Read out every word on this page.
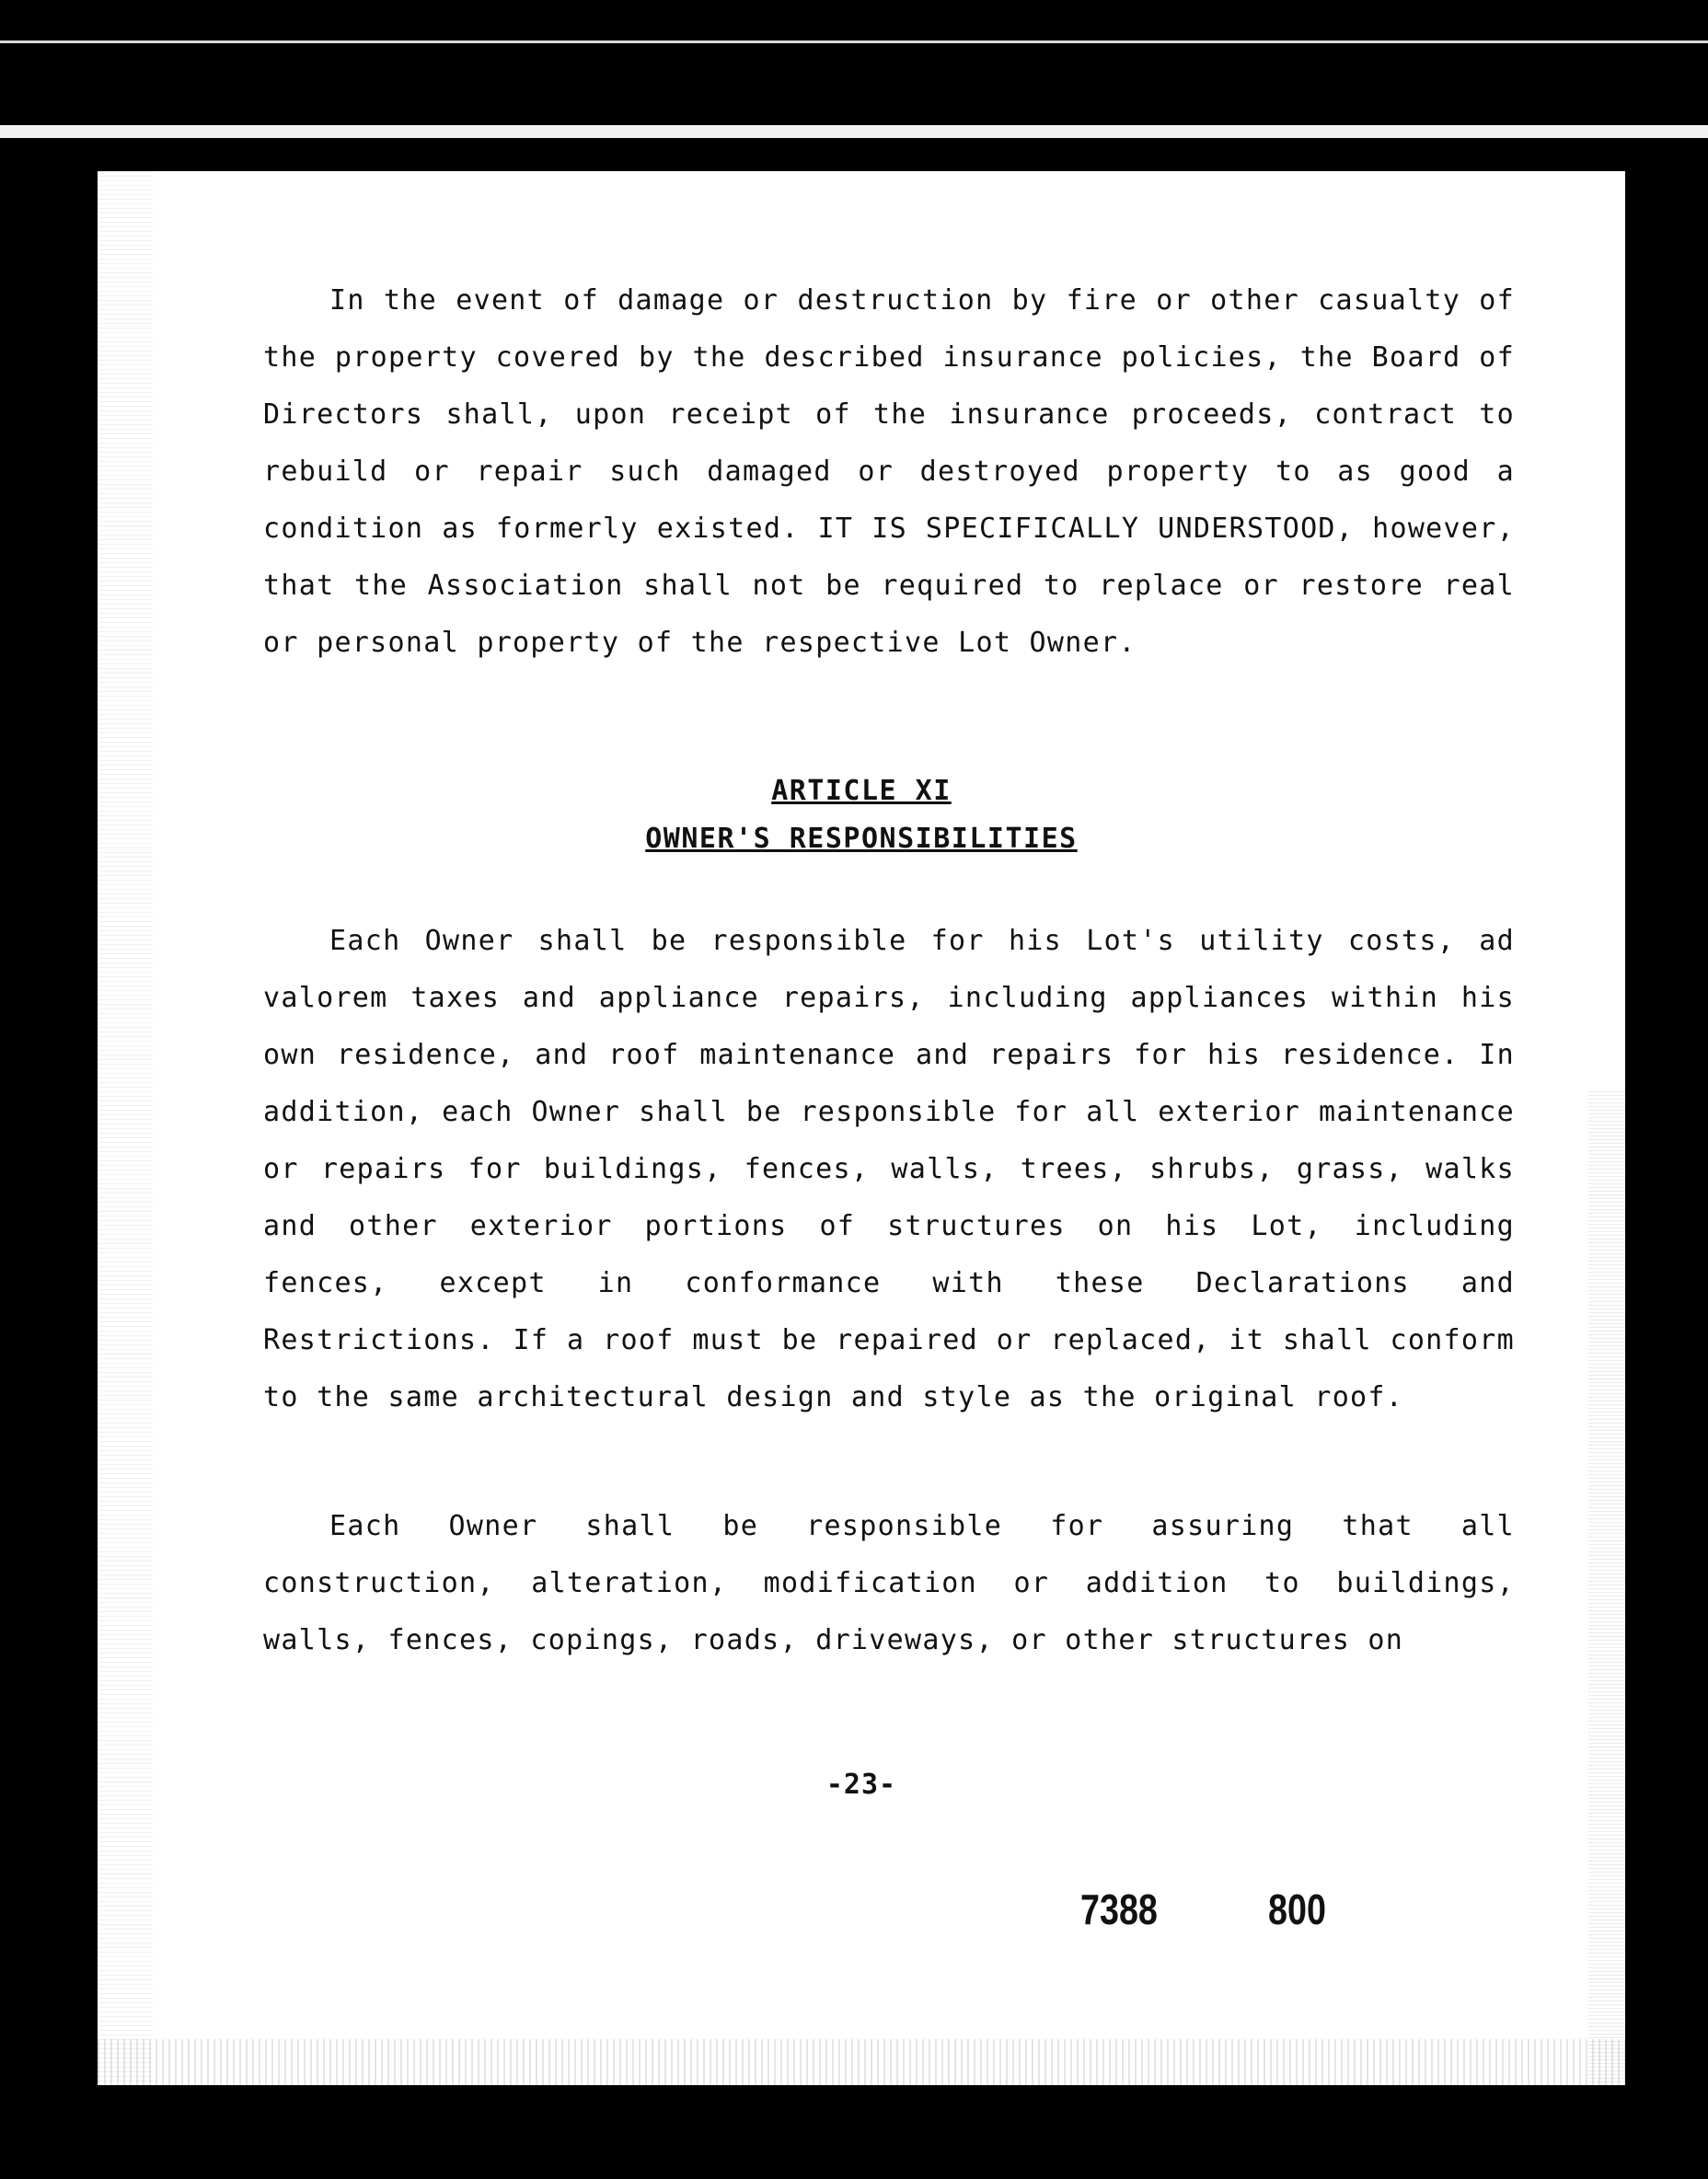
In the event of damage or destruction by fire or other casualty of the property covered by the described insurance policies, the Board of Directors shall, upon receipt of the insurance proceeds, contract to rebuild or repair such damaged or destroyed property to as good a condition as formerly existed. IT IS SPECIFICALLY UNDERSTOOD, however, that the Association shall not be required to replace or restore real or personal property of the respective Lot Owner.

ARTICLE XI
OWNER'S RESPONSIBILITIES

Each Owner shall be responsible for his Lot's utility costs, ad valorem taxes and appliance repairs, including appliances within his own residence, and roof maintenance and repairs for his residence. In addition, each Owner shall be responsible for all exterior maintenance or repairs for buildings, fences, walls, trees, shrubs, grass, walks and other exterior portions of structures on his Lot, including fences, except in conformance with these Declarations and Restrictions. If a roof must be repaired or replaced, it shall conform to the same architectural design and style as the original roof.

Each Owner shall be responsible for assuring that all construction, alteration, modification or addition to buildings, walls, fences, copings, roads, driveways, or other structures on

-23-
7388	800
